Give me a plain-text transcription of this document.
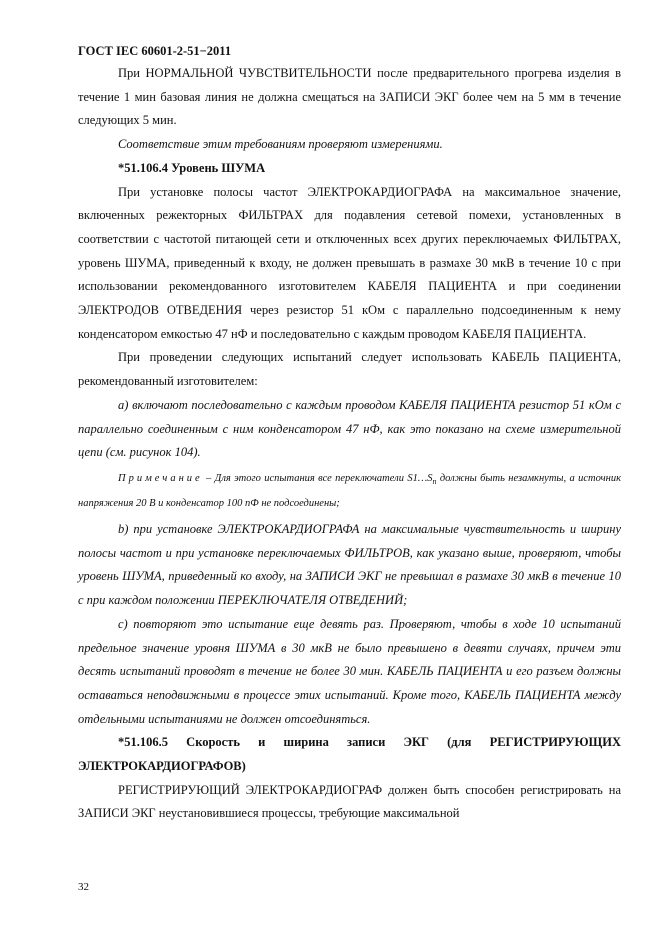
ГОСТ IEC 60601-2-51−2011

При НОРМАЛЬНОЙ ЧУВСТВИТЕЛЬНОСТИ после предварительного прогрева изделия в течение 1 мин базовая линия не должна смещаться на ЗАПИСИ ЭКГ более чем на 5 мм в течение следующих 5 мин.

Соответствие этим требованиям проверяют измерениями.

*51.106.4 Уровень ШУМА

При установке полосы частот ЭЛЕКТРОКАРДИОГРАФА на максимальное значение, включенных режекторных ФИЛЬТРАХ для подавления сетевой помехи, установленных в соответствии с частотой питающей сети и отключенных всех других переключаемых ФИЛЬТРАХ, уровень ШУМА, приведенный к входу, не должен превышать в размахе 30 мкВ в течение 10 с при использовании рекомендованного изготовителем КАБЕЛЯ ПАЦИЕНТА и при соединении ЭЛЕКТРОДОВ ОТВЕДЕНИЯ через резистор 51 кОм с параллельно подсоединенным к нему конденсатором емкостью 47 нФ и последовательно с каждым проводом КАБЕЛЯ ПАЦИЕНТА.

При проведении следующих испытаний следует использовать КАБЕЛЬ ПАЦИЕНТА, рекомендованный изготовителем:

а) включают последовательно с каждым проводом КАБЕЛЯ ПАЦИЕНТА резистор 51 кОм с параллельно соединенным с ним конденсатором 47 нФ, как это показано на схеме измерительной цепи (см. рисунок 104).

Примечание – Для этого испытания все переключатели $S1\dots S_n$ должны быть незамкнуты, а источник напряжения 20 В и конденсатор 100 пФ не подсоединены;

b) при установке ЭЛЕКТРОКАРДИОГРАФА на максимальные чувствительность и ширину полосы частот и при установке переключаемых ФИЛЬТРОВ, как указано выше, проверяют, чтобы уровень ШУМА, приведенный ко входу, на ЗАПИСИ ЭКГ не превышал в размахе 30 мкВ в течение 10 с при каждом положении ПЕРЕКЛЮЧАТЕЛЯ ОТВЕДЕНИЙ;

с) повторяют это испытание еще девять раз. Проверяют, чтобы в ходе 10 испытаний предельное значение уровня ШУМА в 30 мкВ не было превышено в девяти случаях, причем эти десять испытаний проводят в течение не более 30 мин. КАБЕЛЬ ПАЦИЕНТА и его разъем должны оставаться неподвижными в процессе этих испытаний. Кроме того, КАБЕЛЬ ПАЦИЕНТА между отдельными испытаниями не должен отсоединяться.

*51.106.5 Скорость и ширина записи ЭКГ (для РЕГИСТРИРУЮЩИХ ЭЛЕКТРОКАРДИОГРАФОВ)

РЕГИСТРИРУЮЩИЙ ЭЛЕКТРОКАРДИОГРАФ должен быть способен регистрировать на ЗАПИСИ ЭКГ неустановившиеся процессы, требующие максимальной

32
